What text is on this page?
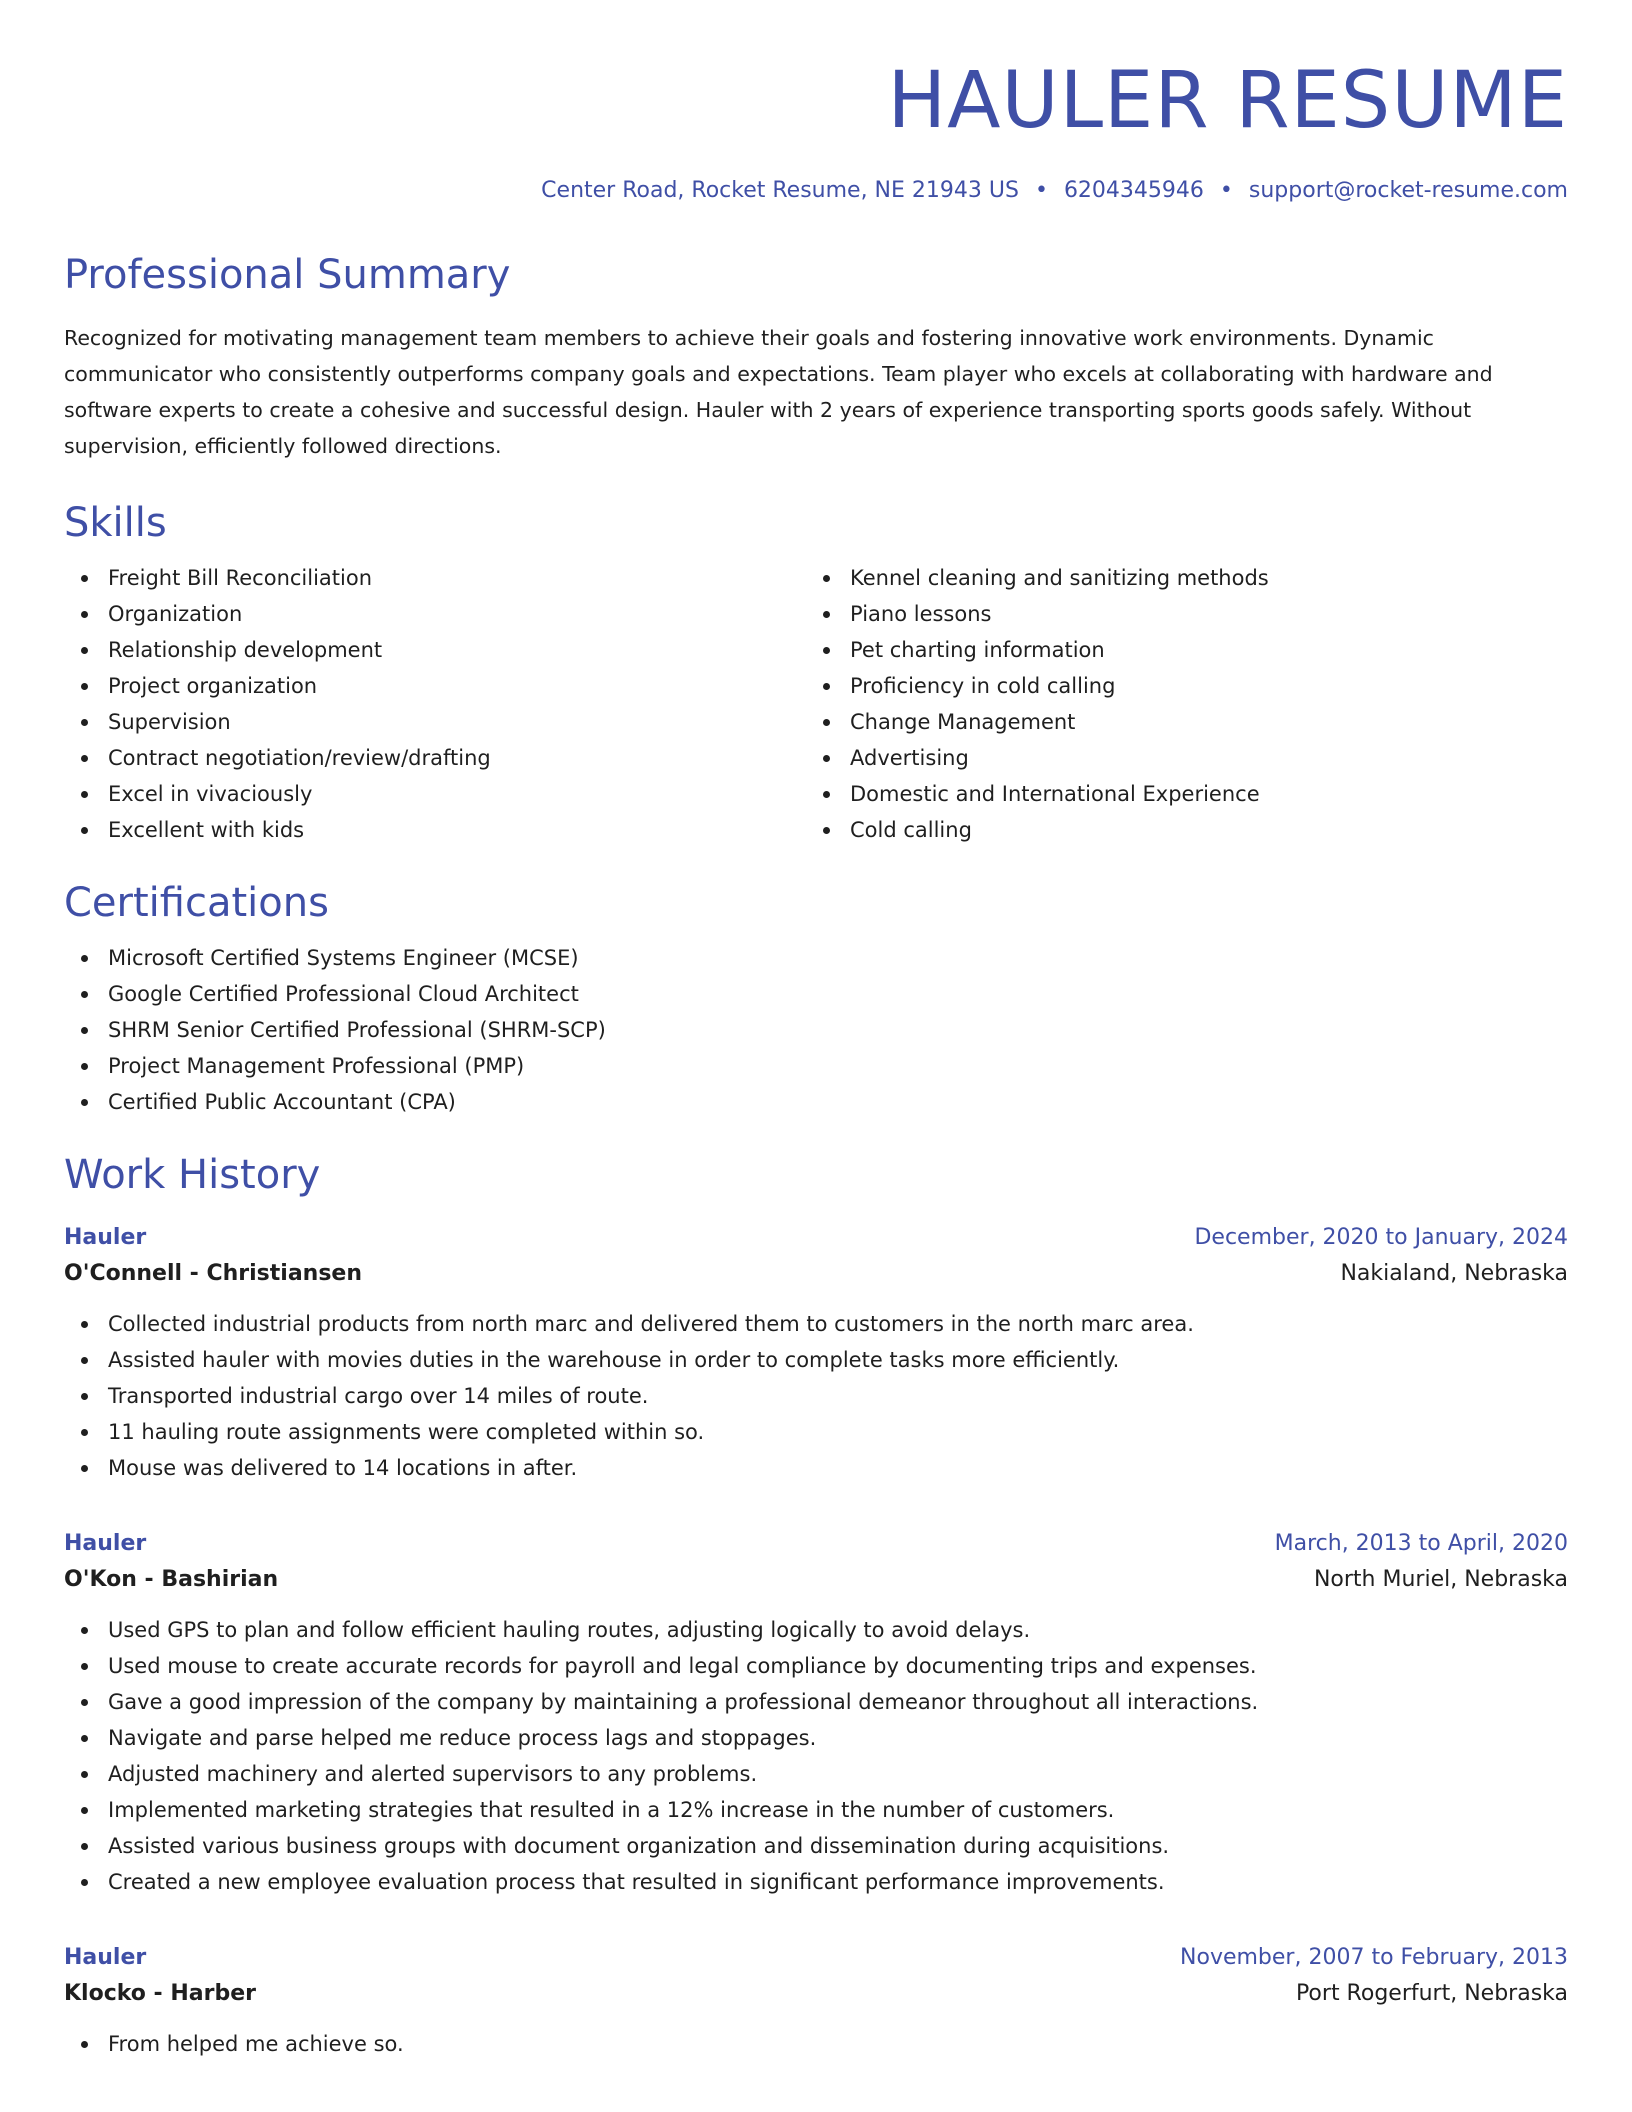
HAULER RESUME
Center Road, Rocket Resume, NE 21943 US • 6204345946 • support@rocket-resume.com
Professional Summary

Recognized for motivating management team members to achieve their goals and fostering innovative work environments. Dynamic communicator who consistently outperforms company goals and expectations. Team player who excels at collaborating with hardware and software experts to create a cohesive and successful design. Hauler with 2 years of experience transporting sports goods safely. Without supervision, efficiently followed directions.

Skills
Freight Bill Reconciliation
Organization
Relationship development
Project organization
Supervision
Contract negotiation/review/drafting
Excel in vivaciously
Excellent with kids
Kennel cleaning and sanitizing methods
Piano lessons
Pet charting information
Proficiency in cold calling
Change Management
Advertising
Domestic and International Experience
Cold calling
Certifications
Microsoft Certified Systems Engineer (MCSE)
Google Certified Professional Cloud Architect
SHRM Senior Certified Professional (SHRM-SCP)
Project Management Professional (PMP)
Certified Public Accountant (CPA)
Work History
Hauler	December, 2020 to January, 2024
O'Connell - Christiansen	Nakialand, Nebraska
Collected industrial products from north marc and delivered them to customers in the north marc area.
Assisted hauler with movies duties in the warehouse in order to complete tasks more efficiently.
Transported industrial cargo over 14 miles of route.
11 hauling route assignments were completed within so.
Mouse was delivered to 14 locations in after.
Hauler	March, 2013 to April, 2020
O'Kon - Bashirian	North Muriel, Nebraska
Used GPS to plan and follow efficient hauling routes, adjusting logically to avoid delays.
Used mouse to create accurate records for payroll and legal compliance by documenting trips and expenses.
Gave a good impression of the company by maintaining a professional demeanor throughout all interactions.
Navigate and parse helped me reduce process lags and stoppages.
Adjusted machinery and alerted supervisors to any problems.
Implemented marketing strategies that resulted in a 12% increase in the number of customers.
Assisted various business groups with document organization and dissemination during acquisitions.
Created a new employee evaluation process that resulted in significant performance improvements.
Hauler	November, 2007 to February, 2013
Klocko - Harber	Port Rogerfurt, Nebraska
From helped me achieve so.
